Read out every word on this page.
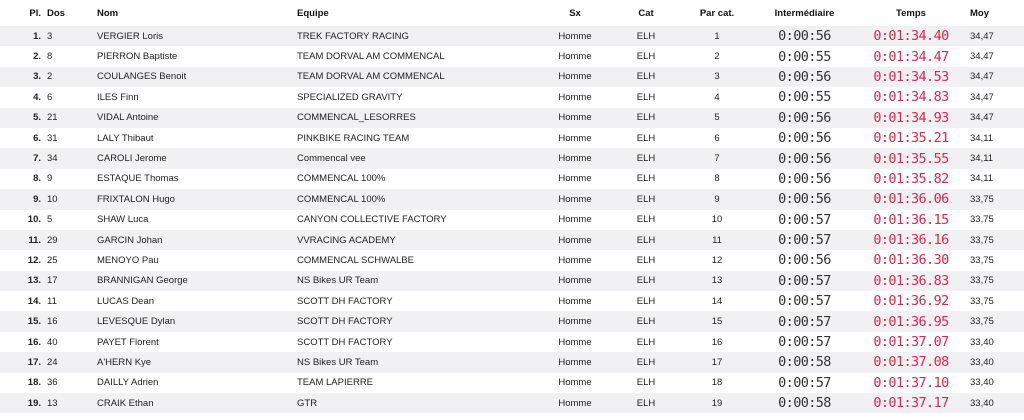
Pl.	Dos	Nom	Equipe	Sx	Cat	Par cat.	Intermédiaire	Temps	Moy
1.	3	VERGIER Loris	TREK FACTORY RACING	Homme	ELH	1	0:00:56	0:01:34.40	34,47
2.	8	PIERRON Baptiste	TEAM DORVAL AM COMMENCAL	Homme	ELH	2	0:00:55	0:01:34.47	34,47
3.	2	COULANGES Benoit	TEAM DORVAL AM COMMENCAL	Homme	ELH	3	0:00:56	0:01:34.53	34,47
4.	6	ILES Finn	SPECIALIZED GRAVITY	Homme	ELH	4	0:00:55	0:01:34.83	34,47
5.	21	VIDAL Antoine	COMMENCAL_LESORRES	Homme	ELH	5	0:00:56	0:01:34.93	34,47
6.	31	LALY Thibaut	PINKBIKE RACING TEAM	Homme	ELH	6	0:00:56	0:01:35.21	34,11
7.	34	CAROLI Jerome	Commencal vee	Homme	ELH	7	0:00:56	0:01:35.55	34,11
8.	9	ESTAQUE Thomas	COMMENCAL 100%	Homme	ELH	8	0:00:56	0:01:35.82	34,11
9.	10	FRIXTALON Hugo	COMMENCAL 100%	Homme	ELH	9	0:00:56	0:01:36.06	33,75
10.	5	SHAW Luca	CANYON COLLECTIVE FACTORY	Homme	ELH	10	0:00:57	0:01:36.15	33,75
11.	29	GARCIN Johan	VVRACING ACADEMY	Homme	ELH	11	0:00:57	0:01:36.16	33,75
12.	25	MENOYO Pau	COMMENCAL SCHWALBE	Homme	ELH	12	0:00:56	0:01:36.30	33,75
13.	17	BRANNIGAN George	NS Bikes UR Team	Homme	ELH	13	0:00:57	0:01:36.83	33,75
14.	11	LUCAS Dean	SCOTT DH FACTORY	Homme	ELH	14	0:00:57	0:01:36.92	33,75
15.	16	LEVESQUE Dylan	SCOTT DH FACTORY	Homme	ELH	15	0:00:57	0:01:36.95	33,75
16.	40	PAYET Florent	SCOTT DH FACTORY	Homme	ELH	16	0:00:57	0:01:37.07	33,40
17.	24	A'HERN Kye	NS Bikes UR Team	Homme	ELH	17	0:00:58	0:01:37.08	33,40
18.	36	DAILLY Adrien	TEAM LAPIERRE	Homme	ELH	18	0:00:57	0:01:37.10	33,40
19.	13	CRAIK Ethan	GTR	Homme	ELH	19	0:00:58	0:01:37.17	33,40
